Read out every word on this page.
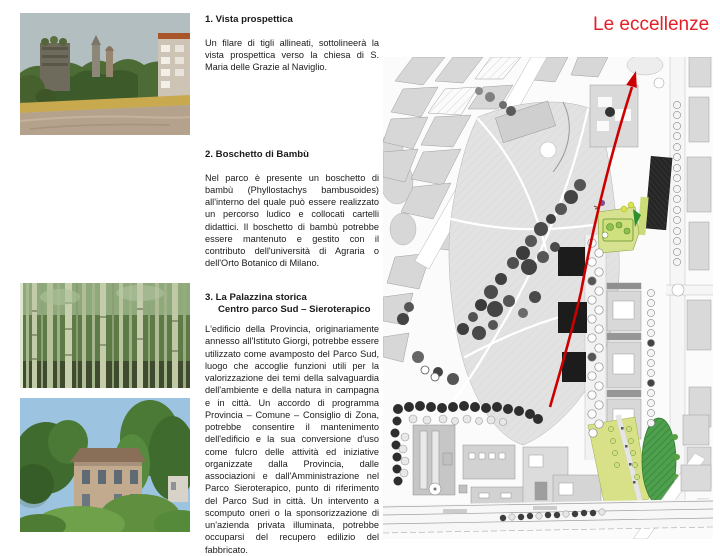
1. Vista prospettica

Un filare di tigli allineati, sottolineerà la vista prospettica verso la chiesa di S. Maria delle Grazie al Naviglio.

2. Boschetto di Bambù

Nel parco è presente un boschetto di bambù (Phyllostachys bambusoides) all'interno del quale può essere realizzato un percorso ludico e collocati cartelli didattici. Il boschetto di bambù potrebbe essere mantenuto e gestito con il contributo dell'università di Agraria o dell'Orto Botanico di Milano.

3. La Palazzina storica
Centro parco Sud – Sieroterapico

L'edificio della Provincia, originariamente annesso all'Istituto Giorgi, potrebbe essere utilizzato come avamposto del Parco Sud, luogo che accoglie funzioni utili per la valorizzazione dei temi della salvaguardia dell'ambiente e della natura in campagna e in città. Un accordo di programma Provincia – Comune – Consiglio di Zona, potrebbe consentire il mantenimento dell'edificio e la sua conversione d'uso come fulcro delle attività ed iniziative organizzate dalla Provincia, dalle associazioni e dall'Amministrazione nel Parco Sieroterapico, punto di riferimento del Parco Sud in città. Un intervento a scomputo oneri o la sponsorizzazione di un'azienda privata illuminata, potrebbe occuparsi del recupero edilizio del fabbricato.

Le eccellenze
